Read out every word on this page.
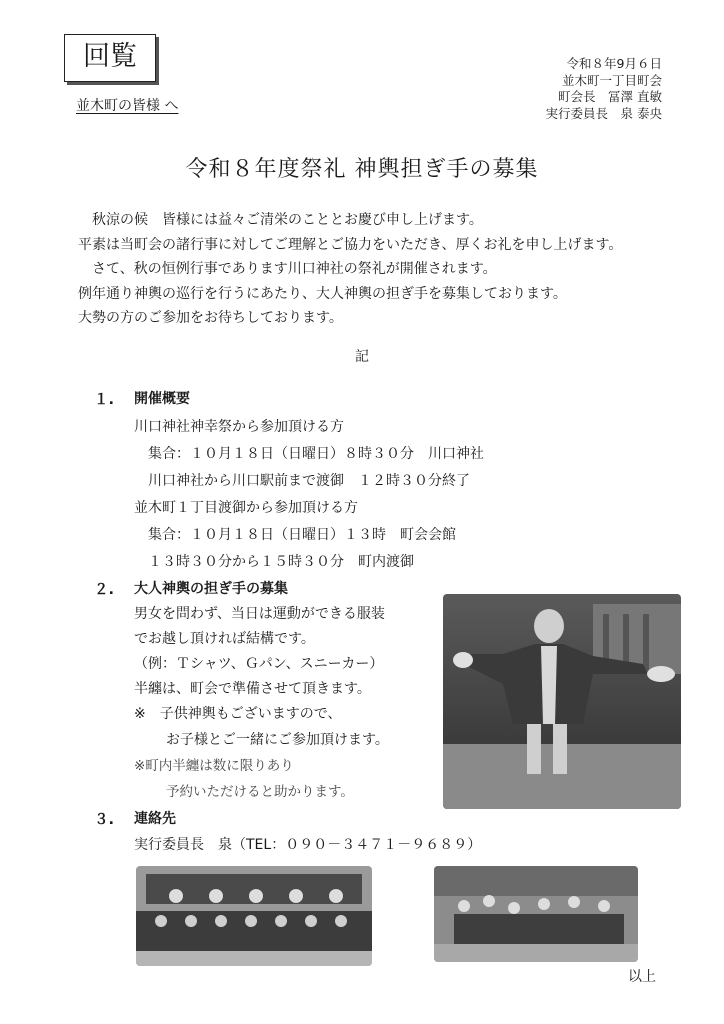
回覧
並木町の皆様 へ
令和８年9月６日
並木町一丁目町会
町会長　冨澤 直敏
実行委員長　泉 泰央
令和８年度祭礼 神輿担ぎ手の募集
　秋涼の候　皆様には益々ご清栄のこととお慶び申し上げます。
平素は当町会の諸行事に対してご理解とご協力をいただき、厚くお礼を申し上げます。
　さて、秋の恒例行事であります川口神社の祭礼が開催されます。
例年通り神輿の巡行を行うにあたり、大人神輿の担ぎ手を募集しております。
大勢の方のご参加をお待ちしております。
記
１. 開催概要
川口神社神幸祭から参加頂ける方
集合：１０月１８日（日曜日）８時３０分　川口神社
川口神社から川口駅前まで渡御　１２時３０分終了
並木町１丁目渡御から参加頂ける方
集合：１０月１８日（日曜日）１３時　町会会館
１３時３０分から１５時３０分　町内渡御
２. 大人神輿の担ぎ手の募集
男女を問わず、当日は運動ができる服装
でお越し頂ければ結構です。
（例：Ｔシャツ、Ｇパン、スニーカー）
半纏は、町会で準備させて頂きます。
※　子供神輿もございますので、
お子様とご一緒にご参加頂けます。
※町内半纏は数に限りあり
予約いただけると助かります。
３. 連絡先
実行委員長　泉（TEL：０９０－３４７１－９６８９）
以上
